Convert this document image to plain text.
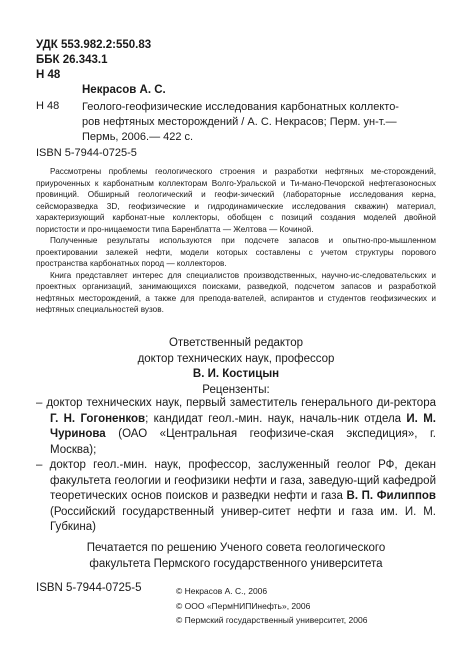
УДК 553.982.2:550.83
ББК 26.343.1
Н 48
Некрасов А. С.
Н 48 Геолого-геофизические исследования карбонатных коллекто-
ров нефтяных месторождений / А. С. Некрасов; Перм. ун-т.—
Пермь, 2006.— 422 с.
ISBN 5-7944-0725-5

Рассмотрены проблемы геологического строения и разработки нефтяных ме-сторождений, приуроченных к карбонатным коллекторам Волго-Уральской и Ти-мано-Печорской нефтегазоносных провинций. Обширный геологический и геофи-зический (лабораторные исследования керна, сейсморазведка 3D, геофизические и гидродинамические исследования скважин) материал, характеризующий карбонат-ные коллекторы, обобщен с позиций создания моделей двойной пористости и про-ницаемости типа Баренблатта — Желтова — Кочиной.

Полученные результаты используются при подсчете запасов и опытно-про-мышленном проектировании залежей нефти, модели которых составлены с учетом структуры порового пространства карбонатных пород — коллекторов.

Книга представляет интерес для специалистов производственных, научно-ис-следовательских и проектных организаций, занимающихся поисками, разведкой, подсчетом запасов и разработкой нефтяных месторождений, а также для препода-вателей, аспирантов и студентов геофизических и нефтяных специальностей вузов.

Ответственный редактор
доктор технических наук, профессор
В. И. Костицын
Рецензенты:

– доктор технических наук, первый заместитель генерального ди-ректора Г. Н. Гогоненков; кандидат геол.-мин. наук, началь-ник отдела И. М. Чуринова (ОАО «Центральная геофизиче-ская экспедиция», г. Москва);

– доктор геол.-мин. наук, профессор, заслуженный геолог РФ, декан факультета геологии и геофизики нефти и газа, заведую-щий кафедрой теоретических основ поисков и разведки нефти и газа В. П. Филиппов (Российский государственный универ-ситет нефти и газа им. И. М. Губкина)

Печатается по решению Ученого совета геологического
факультета Пермского государственного университета
ISBN 5-7944-0725-5	© Некрасов А. С., 2006
© ООО «ПермНИПИнефть», 2006
© Пермский государственный университет, 2006
